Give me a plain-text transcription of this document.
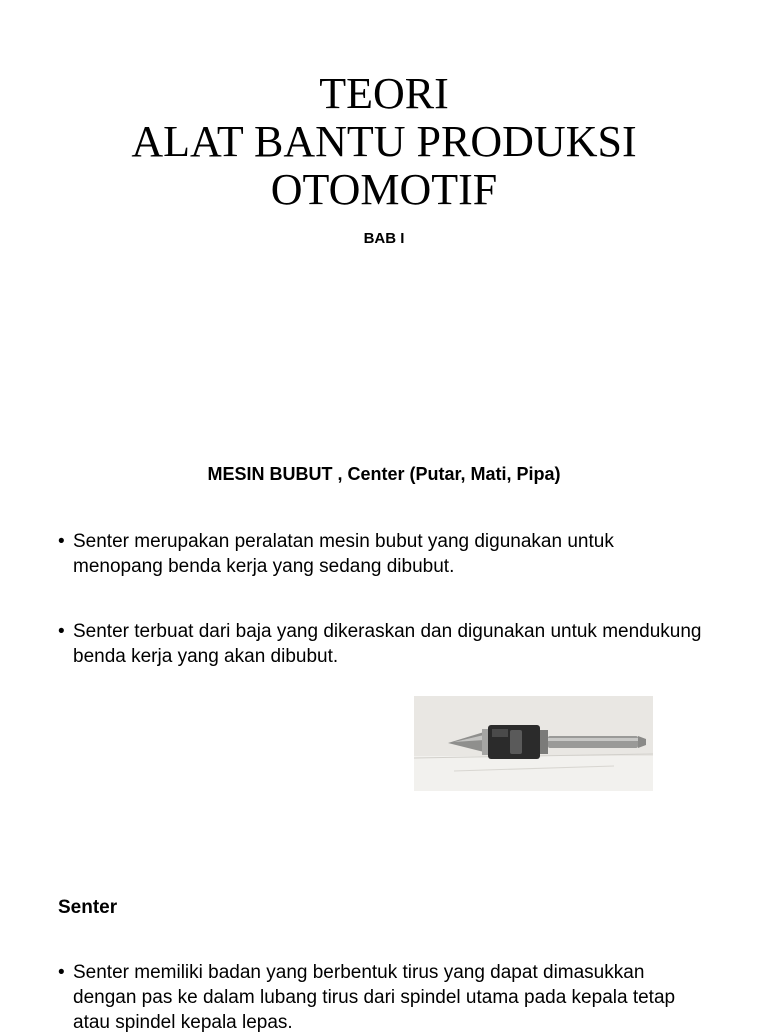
TEORI
ALAT BANTU PRODUKSI
OTOMOTIF
BAB I
MESIN BUBUT , Center (Putar, Mati, Pipa)
• Senter merupakan peralatan mesin bubut yang digunakan untuk menopang benda kerja yang sedang dibubut.
• Senter terbuat dari baja yang dikeraskan dan digunakan untuk mendukung benda kerja yang akan dibubut.
Senter
• Senter memiliki badan yang berbentuk tirus yang dapat dimasukkan dengan pas ke dalam lubang tirus dari spindel utama pada kepala tetap atau spindel kepala lepas.
